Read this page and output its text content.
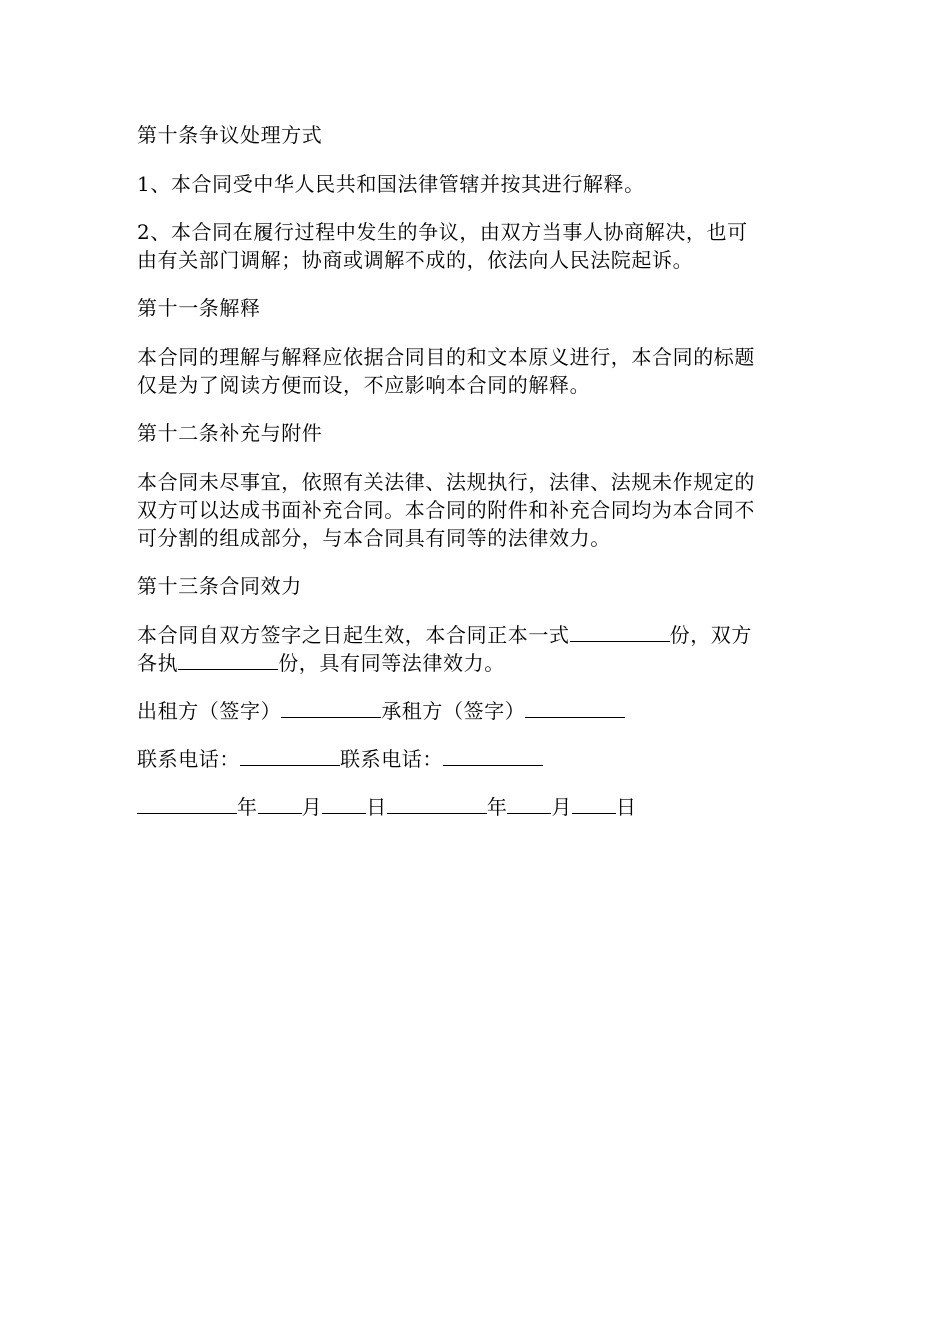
第十条争议处理方式
1、本合同受中华人民共和国法律管辖并按其进行解释。
2、本合同在履行过程中发生的争议，由双方当事人协商解决，也可
由有关部门调解；协商或调解不成的，依法向人民法院起诉。
第十一条解释
本合同的理解与解释应依据合同目的和文本原义进行，本合同的标题
仅是为了阅读方便而设，不应影响本合同的解释。
第十二条补充与附件
本合同未尽事宜，依照有关法律、法规执行，法律、法规未作规定的
双方可以达成书面补充合同。本合同的附件和补充合同均为本合同不
可分割的组成部分，与本合同具有同等的法律效力。
第十三条合同效力
本合同自双方签字之日起生效，本合同正本一式	份，双方
各执	份，具有同等法律效力。
出租方（签字）	承租方（签字）
联系电话：	联系电话：
年 月 日	年 月 日
